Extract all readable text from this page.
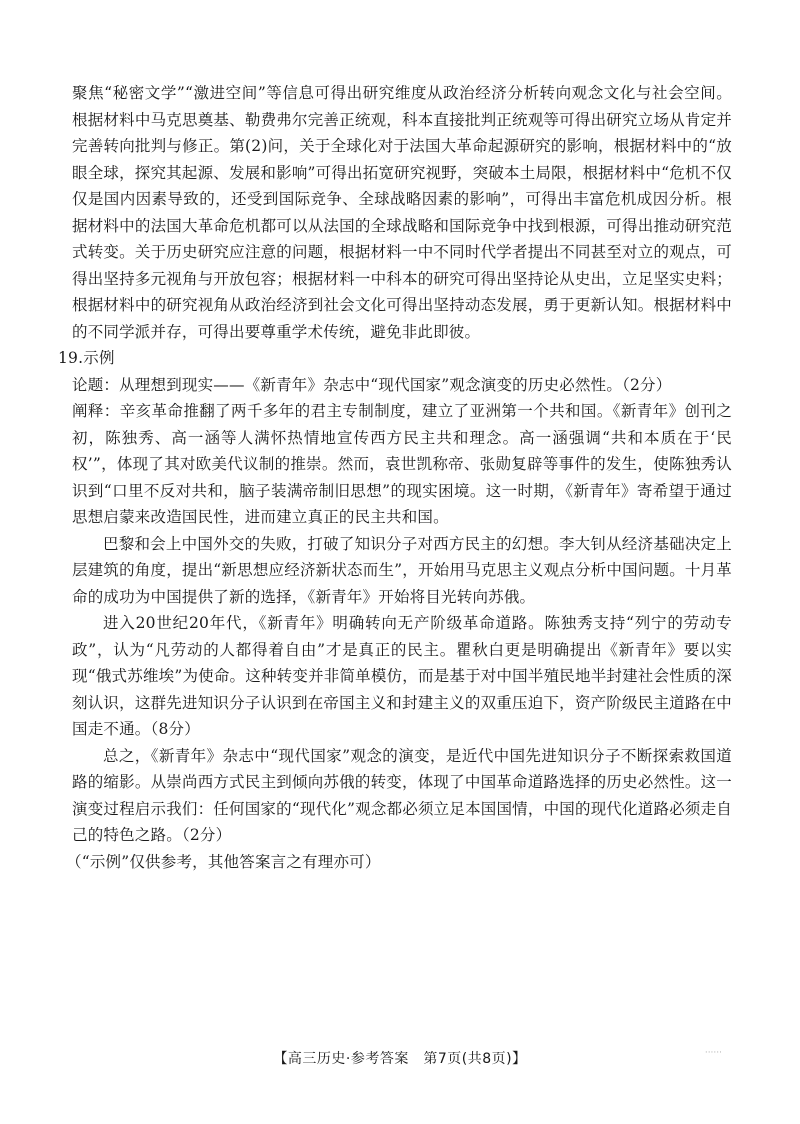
聚焦“秘密文学”“激进空间”等信息可得出研究维度从政治经济分析转向观念文化与社会空间。根据材料中马克思奠基、勒费弗尔完善正统观，科本直接批判正统观等可得出研究立场从肯定并完善转向批判与修正。第(2)问，关于全球化对于法国大革命起源研究的影响，根据材料中的“放眼全球，探究其起源、发展和影响”可得出拓宽研究视野，突破本土局限，根据材料中“危机不仅仅是国内因素导致的，还受到国际竞争、全球战略因素的影响”，可得出丰富危机成因分析。根据材料中的法国大革命危机都可以从法国的全球战略和国际竞争中找到根源，可得出推动研究范式转变。关于历史研究应注意的问题，根据材料一中不同时代学者提出不同甚至对立的观点，可得出坚持多元视角与开放包容；根据材料一中科本的研究可得出坚持论从史出，立足坚实史料；根据材料中的研究视角从政治经济到社会文化可得出坚持动态发展，勇于更新认知。根据材料中的不同学派并存，可得出要尊重学术传统，避免非此即彼。

19.示例

论题：从理想到现实——《新青年》杂志中“现代国家”观念演变的历史必然性。（2分）

阐释：辛亥革命推翻了两千多年的君主专制制度，建立了亚洲第一个共和国。《新青年》创刊之初，陈独秀、高一涵等人满怀热情地宣传西方民主共和理念。高一涵强调“共和本质在于‘民权’”，体现了其对欧美代议制的推崇。然而，袁世凯称帝、张勋复辟等事件的发生，使陈独秀认识到“口里不反对共和，脑子装满帝制旧思想”的现实困境。这一时期，《新青年》寄希望于通过思想启蒙来改造国民性，进而建立真正的民主共和国。

巴黎和会上中国外交的失败，打破了知识分子对西方民主的幻想。李大钊从经济基础决定上层建筑的角度，提出“新思想应经济新状态而生”，开始用马克思主义观点分析中国问题。十月革命的成功为中国提供了新的选择，《新青年》开始将目光转向苏俄。

进入20世纪20年代，《新青年》明确转向无产阶级革命道路。陈独秀支持“列宁的劳动专政”，认为“凡劳动的人都得着自由”才是真正的民主。瞿秋白更是明确提出《新青年》要以实现“俄式苏维埃”为使命。这种转变并非简单模仿，而是基于对中国半殖民地半封建社会性质的深刻认识，这群先进知识分子认识到在帝国主义和封建主义的双重压迫下，资产阶级民主道路在中国走不通。（8分）

总之，《新青年》杂志中“现代国家”观念的演变，是近代中国先进知识分子不断探索救国道路的缩影。从崇尚西方式民主到倾向苏俄的转变，体现了中国革命道路选择的历史必然性。这一演变过程启示我们：任何国家的“现代化”观念都必须立足本国国情，中国的现代化道路必须走自己的特色之路。（2分）

（“示例”仅供参考，其他答案言之有理亦可）

【高三历史·参考答案　第7页(共8页)】	······
